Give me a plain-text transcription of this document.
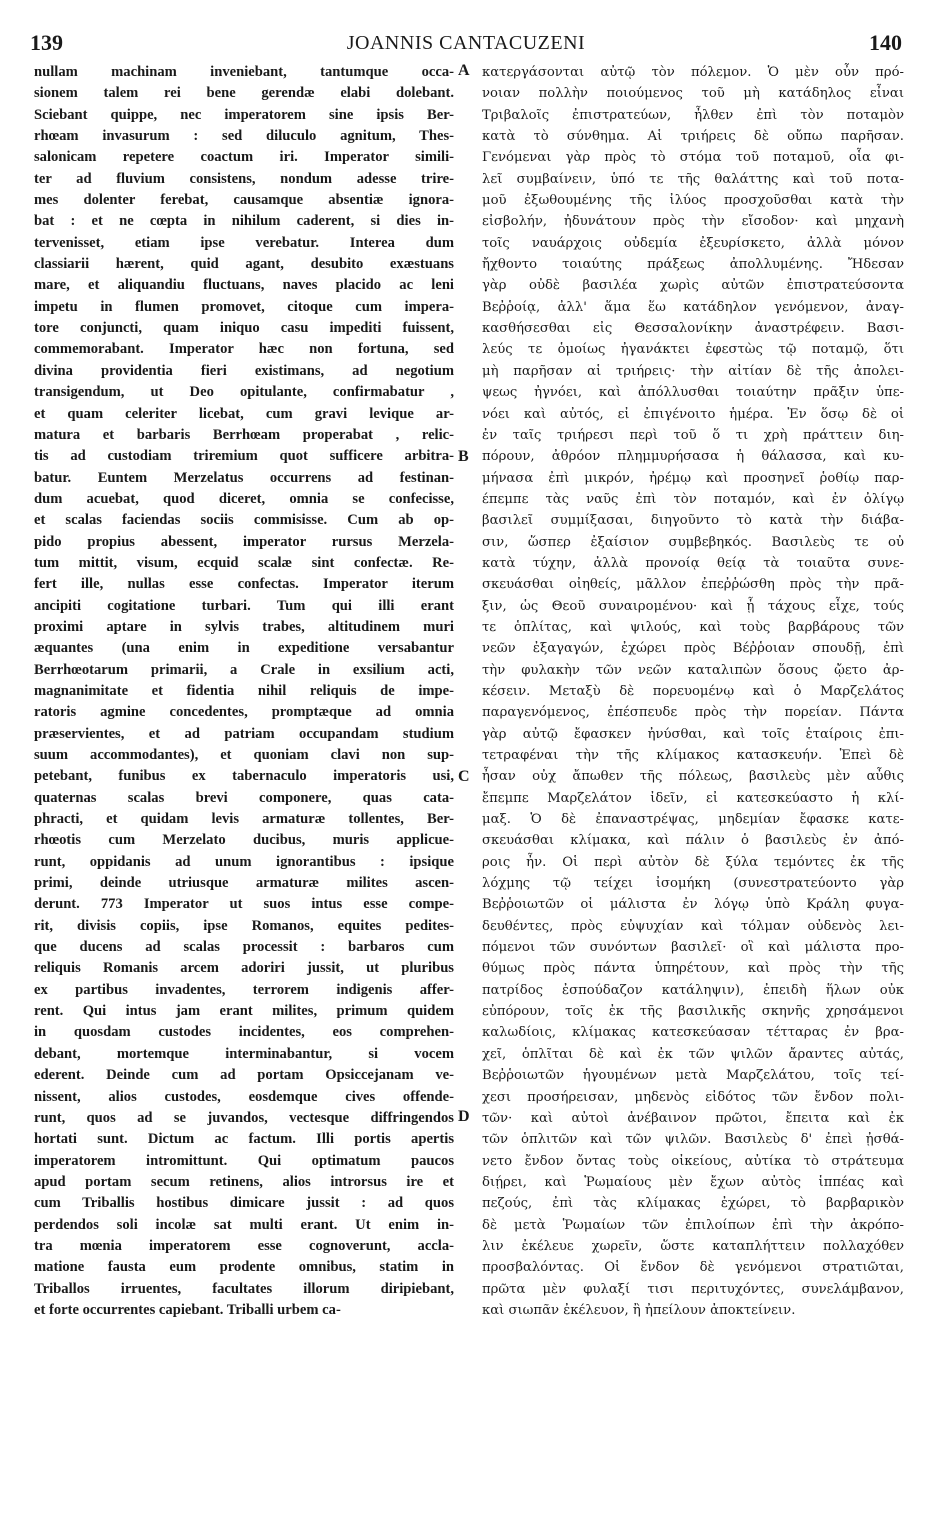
139	JOANNIS CANTACUZENI	140
A
B
C
D
nullam machinam inveniebant, tantumque occa-
sionem talem rei bene gerendæ elabi dolebant.
Sciebant quippe, nec imperatorem sine ipsis Ber-
rhœam invasurum : sed diluculo agnitum, Thes-
salonicam repetere coactum iri. Imperator simili-
ter ad fluvium consistens, nondum adesse trire-
mes dolenter ferebat, causamque absentiæ ignora-
bat : et ne cœpta in nihilum caderent, si dies in-
tervenisset, etiam ipse verebatur. Interea dum
classiarii hærent, quid agant, desubito exæstuans
mare, et aliquandiu fluctuans, naves placido ac leni
impetu in flumen promovet, citoque cum impera-
tore conjuncti, quam iniquo casu impediti fuissent,
commemorabant. Imperator hæc non fortuna, sed
divina providentia fieri existimans, ad negotium
transigendum, ut Deo opitulante, confirmabatur ,
et quam celeriter licebat, cum gravi levique ar-
matura et barbaris Berrhœam properabat , relic-
tis ad custodiam triremium quot sufficere arbitra-
batur. Euntem Merzelatus occurrens ad festinan-
dum acuebat, quod diceret, omnia se confecisse,
et scalas faciendas sociis commisisse. Cum ab op-
pido propius abessent, imperator rursus Merzela-
tum mittit, visum, ecquid scalæ sint confectæ. Re-
fert ille, nullas esse confectas. Imperator iterum
ancipiti cogitatione turbari. Tum qui illi erant
proximi aptare in sylvis trabes, altitudinem muri
æquantes (una enim in expeditione versabantur
Berrhœotarum primarii, a Crale in exsilium acti,
magnanimitate et fidentia nihil reliquis de impe-
ratoris agmine concedentes, promptæque ad omnia
præservientes, et ad patriam occupandam studium
suum accommodantes), et quoniam clavi non sup-
petebant, funibus ex tabernaculo imperatoris usi,
quaternas scalas brevi componere, quas cata-
phracti, et quidam levis armaturæ tollentes, Ber-
rhœotis cum Merzelato ducibus, muris applicue-
runt, oppidanis ad unum ignorantibus : ipsique
primi, deinde utriusque armaturæ milites ascen-
derunt. 773 Imperator ut suos intus esse compe-
rit, divisis copiis, ipse Romanos, equites pedites-
que ducens ad scalas processit : barbaros cum
reliquis Romanis arcem adoriri jussit, ut pluribus
ex partibus invadentes, terrorem indigenis affer-
rent. Qui intus jam erant milites, primum quidem
in quosdam custodes incidentes, eos comprehen-
debant, mortemque interminabantur, si vocem
ederent. Deinde cum ad portam Opsiccejanam ve-
nissent, alios custodes, eosdemque cives offende-
runt, quos ad se juvandos, vectesque diffringendos
hortati sunt. Dictum ac factum. Illi portis apertis
imperatorem intromittunt. Qui optimatum paucos
apud portam secum retinens, alios introrsus ire et
cum Triballis hostibus dimicare jussit : ad quos
perdendos soli incolæ sat multi erant. Ut enim in-
tra mœnia imperatorem esse cognoverunt, accla-
matione fausta eum prodente omnibus, statim in
Triballos irruentes, facultates illorum diripiebant,
et forte occurrentes capiebant. Triballi urbem ca-
κατεργάσονται αὐτῷ τὸν πόλεμον. Ὁ μὲν οὖν πρό-
νοιαν πολλὴν ποιούμενος τοῦ μὴ κατάδηλος εἶναι
Τριβαλοῖς ἐπιστρατεύων, ἦλθεν ἐπὶ τὸν ποταμὸν
κατὰ τὸ σύνθημα. Αἱ τριήρεις δὲ οὔπω παρῆσαν.
Γενόμεναι γὰρ πρὸς τὸ στόμα τοῦ ποταμοῦ, οἷα φι-
λεῖ συμβαίνειν, ὑπό τε τῆς θαλάττης καὶ τοῦ ποτα-
μοῦ ἐξωθουμένης τῆς ἰλύος προσχοῦσθαι κατὰ τὴν
εἰσβολήν, ἠδυνάτουν πρὸς τὴν εἴσοδον· καὶ μηχανὴ
τοῖς ναυάρχοις οὐδεμία ἐξευρίσκετο, ἀλλὰ μόνον
ἤχθοντο τοιαύτης πράξεως ἀπολλυμένης. Ἤδεσαν
γὰρ οὐδὲ βασιλέα χωρὶς αὐτῶν ἐπιστρατεύσοντα
Βεῤῥοίᾳ, ἀλλ' ἅμα ἕω κατάδηλον γενόμενον, ἀναγ-
κασθήσεσθαι εἰς Θεσσαλονίκην ἀναστρέφειν. Βασι-
λεύς τε ὁμοίως ἠγανάκτει ἐφεστὼς τῷ ποταμῷ, ὅτι
μὴ παρῆσαν αἱ τριήρεις· τὴν αἰτίαν δὲ τῆς ἀπολει-
ψεως ἠγνόει, καὶ ἀπόλλυσθαι τοιαύτην πρᾶξιν ὑπε-
νόει καὶ αὐτός, εἰ ἐπιγένοιτο ἡμέρα. Ἐν ὅσῳ δὲ οἱ
ἐν ταῖς τριήρεσι περὶ τοῦ ὅ τι χρὴ πράττειν διη-
πόρουν, ἀθρόον πλημμυρήσασα ἡ θάλασσα, καὶ κυ-
μήνασα ἐπὶ μικρόν, ἠρέμῳ καὶ προσηνεῖ ῥοθίῳ παρ-
έπεμπε τὰς ναῦς ἐπὶ τὸν ποταμόν, καὶ ἐν ὀλίγῳ
βασιλεῖ συμμίξασαι, διηγοῦντο τὸ κατὰ τὴν διάβα-
σιν, ὥσπερ ἐξαίσιον συμβεβηκός. Βασιλεὺς τε οὐ
κατὰ τύχην, ἀλλὰ προνοίᾳ θείᾳ τὰ τοιαῦτα συνε-
σκευάσθαι οἰηθείς, μᾶλλον ἐπεῤῥώσθη πρὸς τὴν πρᾶ-
ξιν, ὡς Θεοῦ συναιρομένου· καὶ ᾗ τάχους εἶχε, τούς
τε ὁπλίτας, καὶ ψιλούς, καὶ τοὺς βαρβάρους τῶν
νεῶν ἐξαγαγών, ἐχώρει πρὸς Βέῤῥοιαν σπουδῇ, ἐπὶ
τὴν φυλακὴν τῶν νεῶν καταλιπὼν ὅσους ᾤετο ἀρ-
κέσειν. Μεταξὺ δὲ πορευομένῳ καὶ ὁ Μαρζελάτος
παραγενόμενος, ἐπέσπευδε πρὸς τὴν πορείαν. Πάντα
γὰρ αὐτῷ ἔφασκεν ἠνύσθαι, καὶ τοῖς ἑταίροις ἐπι-
τετραφέναι τὴν τῆς κλίμακος κατασκευήν. Ἐπεὶ δὲ
ἦσαν οὐχ ἄπωθεν τῆς πόλεως, βασιλεὺς μὲν αὖθις
ἔπεμπε Μαρζελάτον ἰδεῖν, εἰ κατεσκεύαστο ἡ κλί-
μαξ. Ὁ δὲ ἐπαναστρέψας, μηδεμίαν ἔφασκε κατε-
σκευάσθαι κλίμακα, καὶ πάλιν ὁ βασιλεὺς ἐν ἀπό-
ροις ἦν. Οἱ περὶ αὐτὸν δὲ ξύλα τεμόντες ἐκ τῆς
λόχμης τῷ τείχει ἰσομήκη (συνεστρατεύοντο γὰρ
Βεῤῥοιωτῶν οἱ μάλιστα ἐν λόγῳ ὑπὸ Κράλη φυγα-
δευθέντες, πρὸς εὐψυχίαν καὶ τόλμαν οὐδενὸς λει-
πόμενοι τῶν συνόντων βασιλεῖ· οἳ καὶ μάλιστα προ-
θύμως πρὸς πάντα ὑπηρέτουν, καὶ πρὸς τὴν τῆς
πατρίδος ἐσπούδαζον κατάληψιν), ἐπειδὴ ἥλων οὐκ
εὐπόρουν, τοῖς ἐκ τῆς βασιλικῆς σκηνῆς χρησάμενοι
καλωδίοις, κλίμακας κατεσκεύασαν τέτταρας ἐν βρα-
χεῖ, ὁπλῖται δὲ καὶ ἐκ τῶν ψιλῶν ἄραντες αὐτάς,
Βεῤῥοιωτῶν ἡγουμένων μετὰ Μαρζελάτου, τοῖς τεί-
χεσι προσήρεισαν, μηδενὸς εἰδότος τῶν ἔνδον πολι-
τῶν· καὶ αὐτοὶ ἀνέβαινον πρῶτοι, ἔπειτα καὶ ἐκ
τῶν ὁπλιτῶν καὶ τῶν ψιλῶν. Βασιλεὺς δ' ἐπεὶ ᾐσθά-
νετο ἔνδον ὄντας τοὺς οἰκείους, αὐτίκα τὸ στράτευμα
διῄρει, καὶ Ῥωμαίους μὲν ἔχων αὐτὸς ἱππέας καὶ
πεζούς, ἐπὶ τὰς κλίμακας ἐχώρει, τὸ βαρβαρικὸν
δὲ μετὰ Ῥωμαίων τῶν ἐπιλοίπων ἐπὶ τὴν ἀκρόπο-
λιν ἐκέλευε χωρεῖν, ὥστε καταπλήττειν πολλαχόθεν
προσβαλόντας. Οἱ ἔνδον δὲ γενόμενοι στρατιῶται,
πρῶτα μὲν φυλαξί τισι περιτυχόντες, συνελάμβανον,
καὶ σιωπᾶν ἐκέλευον, ἢ ἠπείλουν ἀποκτείνειν.
